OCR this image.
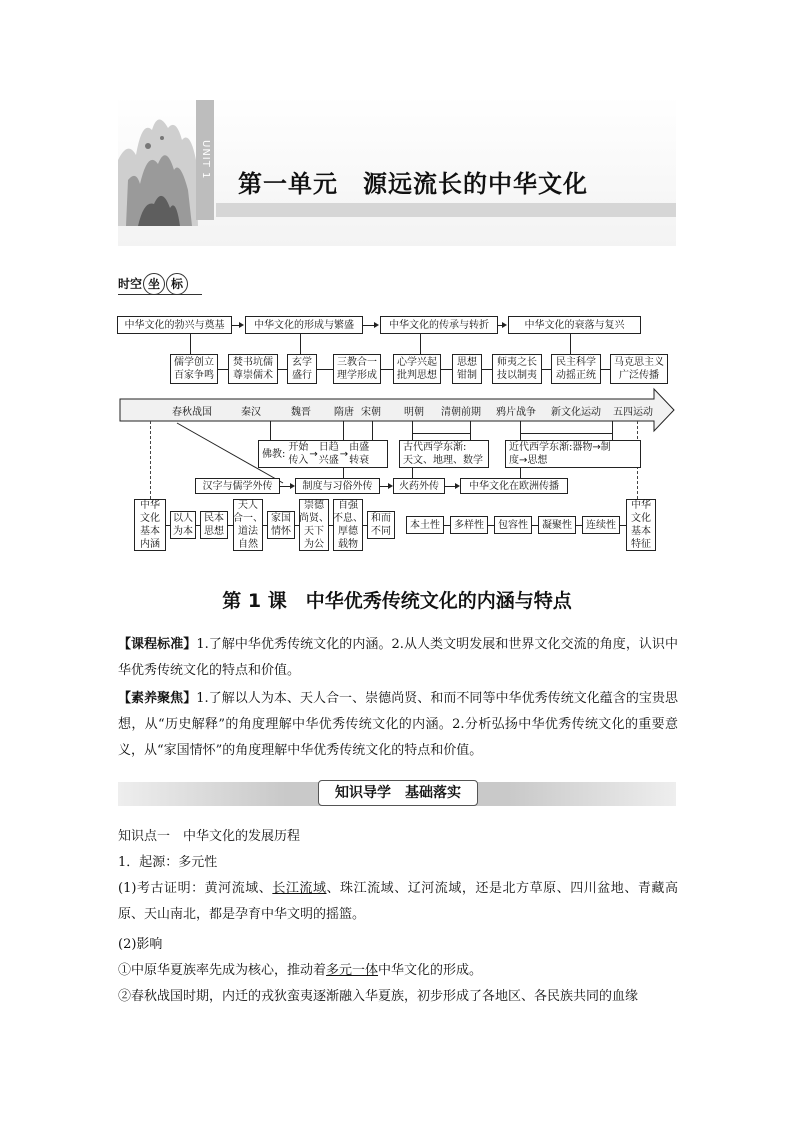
UNIT 1
第一单元　源远流长的中华文化
时空 坐 标
中华文化的勃兴与奠基	中华文化的形成与繁盛	中华文化的传承与转折	中华文化的衰落与复兴
儒学创立
百家争鸣
焚书坑儒
尊崇儒术
玄学
盛行
三教合一
理学形成
心学兴起
批判思想
思想
钳制
师夷之长
技以制夷
民主科学
动摇正统
马克思主义
广泛传播
春秋战国	秦汉	魏晋 隋唐 宋朝 明朝 清朝前期 鸦片战争 新文化运动 五四运动
佛教:
开始
传入
→
日趋
兴盛
→
由盛
转衰
古代西学东渐:
天文、地理、数学
近代西学东渐:器物→制
度→思想
汉字与儒学外传	制度与习俗外传	火药外传	中华文化在欧洲传播
中华
文化
基本
内涵
以人
为本
民本
思想
天人
合一、
道法
自然
家国
情怀
崇德
尚贤、
天下
为公
自强
不息、
厚德
载物
和而
不同
本土性	多样性	包容性	凝聚性	连续性
中华
文化
基本
特征
第 1 课　中华优秀传统文化的内涵与特点
【课程标准】1.了解中华优秀传统文化的内涵。2.从人类文明发展和世界文化交流的角度，认识中华优秀传统文化的特点和价值。
【素养聚焦】1.了解以人为本、天人合一、崇德尚贤、和而不同等中华优秀传统文化蕴含的宝贵思想，从“历史解释”的角度理解中华优秀传统文化的内涵。2.分析弘扬中华优秀传统文化的重要意义，从“家国情怀”的角度理解中华优秀传统文化的特点和价值。
知识导学　基础落实
知识点一　中华文化的发展历程
1．起源：多元性
(1)考古证明：黄河流域、长江流域、珠江流域、辽河流域，还是北方草原、四川盆地、青藏高原、天山南北，都是孕育中华文明的摇篮。
(2)影响
①中原华夏族率先成为核心，推动着多元一体中华文化的形成。
②春秋战国时期，内迁的戎狄蛮夷逐渐融入华夏族，初步形成了各地区、各民族共同的血缘
